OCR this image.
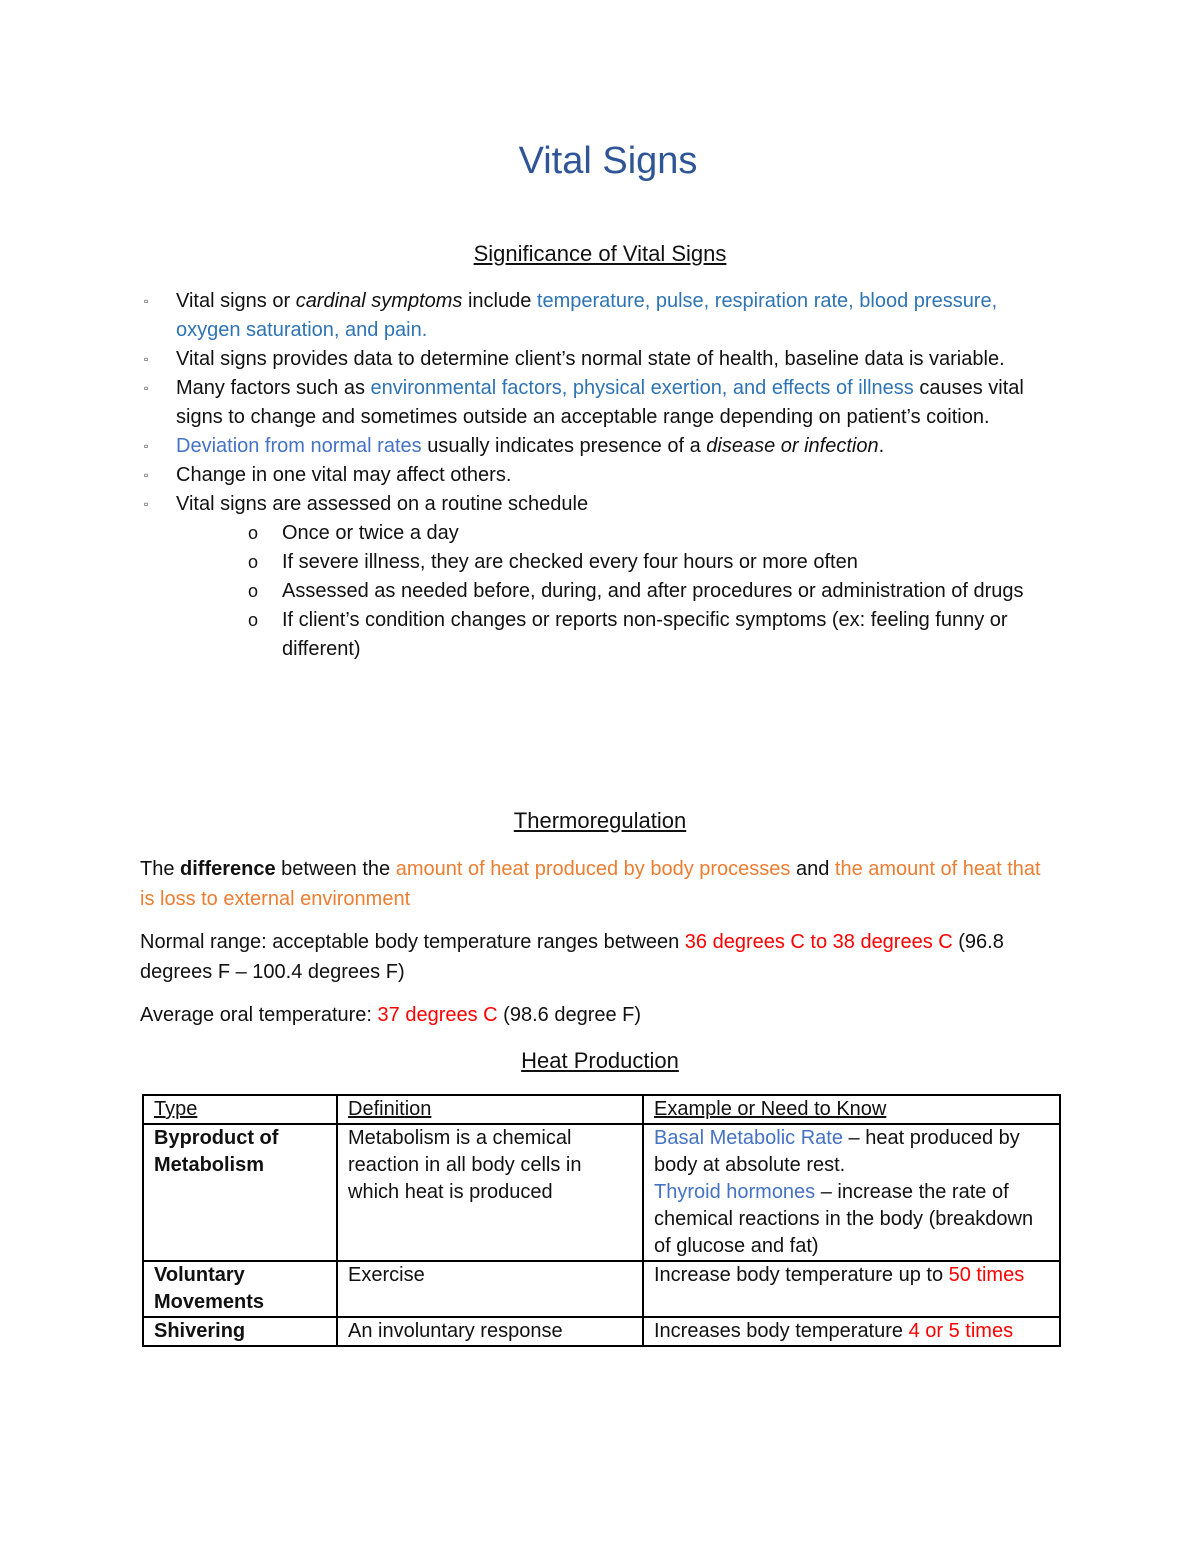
Vital Signs
Significance of Vital Signs
▫ Vital signs or cardinal symptoms include temperature, pulse, respiration rate, blood pressure, oxygen saturation, and pain.
▫ Vital signs provides data to determine client’s normal state of health, baseline data is variable.
▫ Many factors such as environmental factors, physical exertion, and effects of illness causes vital signs to change and sometimes outside an acceptable range depending on patient’s coition.
▫ Deviation from normal rates usually indicates presence of a disease or infection.
▫ Change in one vital may affect others.
▫ Vital signs are assessed on a routine schedule
o Once or twice a day
o If severe illness, they are checked every four hours or more often
o Assessed as needed before, during, and after procedures or administration of drugs
o If client’s condition changes or reports non-specific symptoms (ex: feeling funny or different)
Thermoregulation
The difference between the amount of heat produced by body processes and the amount of heat that is loss to external environment
Normal range: acceptable body temperature ranges between 36 degrees C to 38 degrees C (96.8 degrees F – 100.4 degrees F)
Average oral temperature: 37 degrees C (98.6 degree F)
Heat Production
Type	Definition	Example or Need to Know
Byproduct of Metabolism	Metabolism is a chemical reaction in all body cells in which heat is produced	Basal Metabolic Rate – heat produced by body at absolute rest.
Thyroid hormones – increase the rate of chemical reactions in the body (breakdown of glucose and fat)
Voluntary Movements	Exercise	Increase body temperature up to 50 times
Shivering	An involuntary response	Increases body temperature 4 or 5 times
